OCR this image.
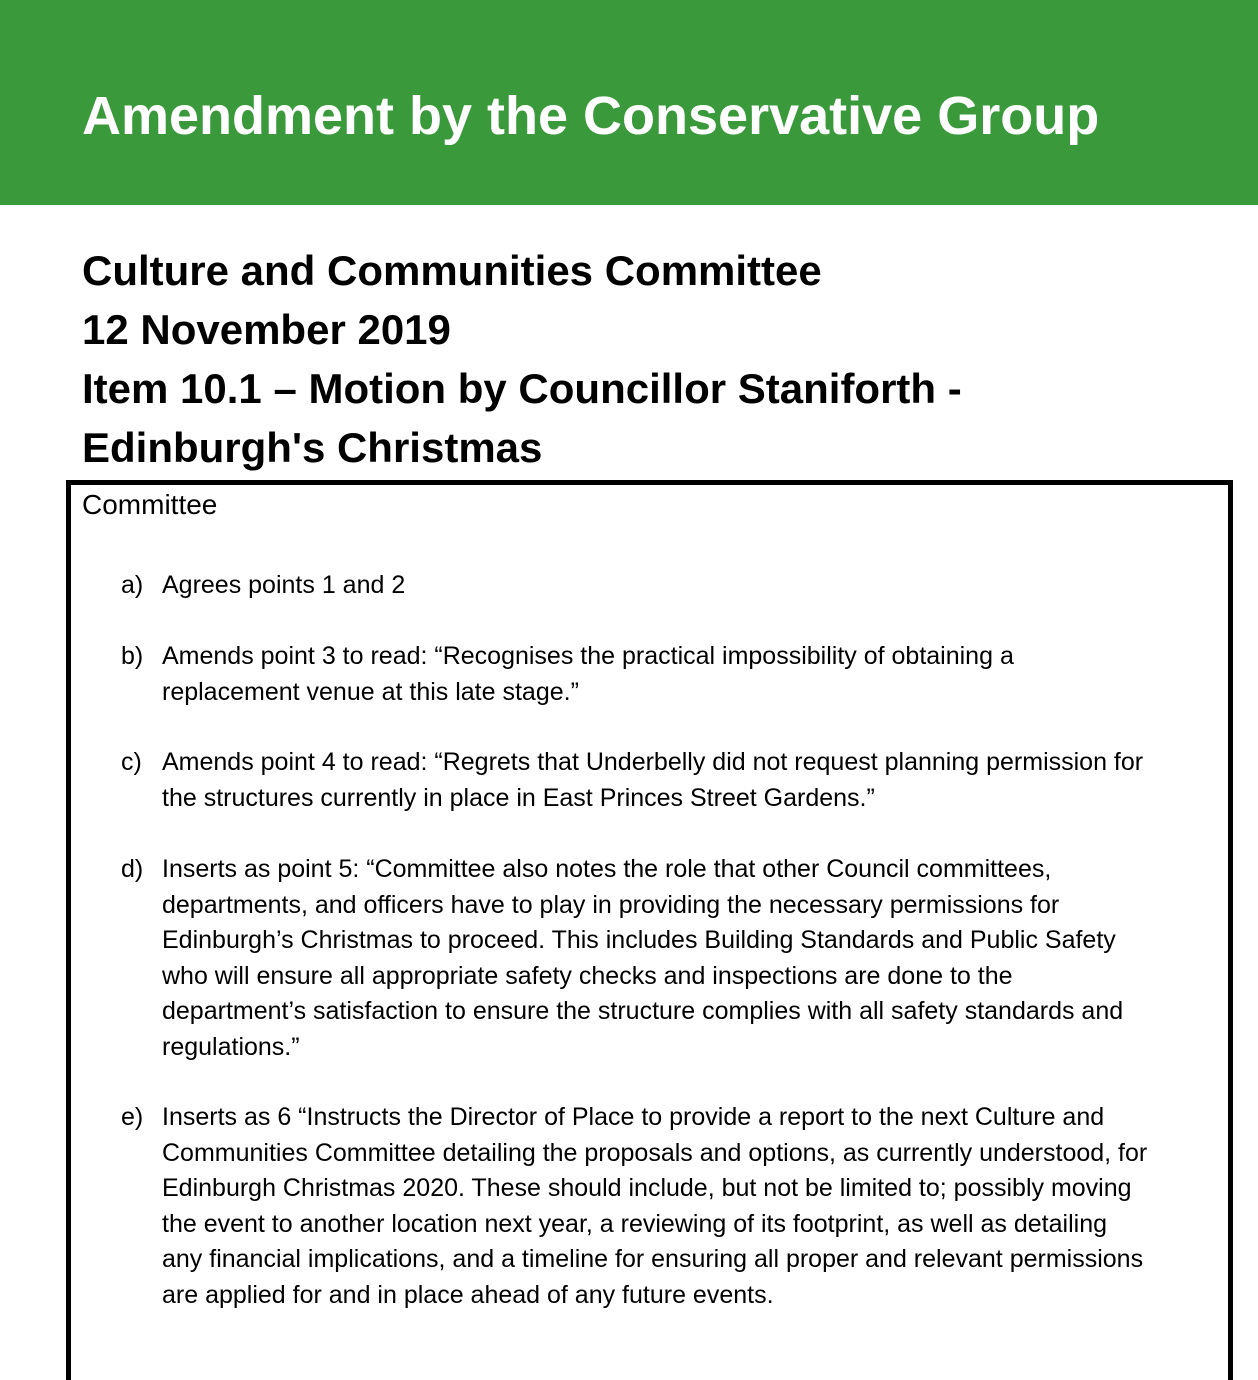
Amendment by the Conservative Group

Culture and Communities Committee

12 November 2019

Item 10.1 – Motion by Councillor Staniforth -

Edinburgh's Christmas

Committee

a) Agrees points 1 and 2
b) Amends point 3 to read: “Recognises the practical impossibility of obtaining a
replacement venue at this late stage.”
c) Amends point 4 to read: “Regrets that Underbelly did not request planning permission for
the structures currently in place in East Princes Street Gardens.”
d) Inserts as point 5: “Committee also notes the role that other Council committees,
departments, and officers have to play in providing the necessary permissions for
Edinburgh’s Christmas to proceed. This includes Building Standards and Public Safety
who will ensure all appropriate safety checks and inspections are done to the
department’s satisfaction to ensure the structure complies with all safety standards and
regulations.”
e) Inserts as 6 “Instructs the Director of Place to provide a report to the next Culture and
Communities Committee detailing the proposals and options, as currently understood, for
Edinburgh Christmas 2020. These should include, but not be limited to; possibly moving
the event to another location next year, a reviewing of its footprint, as well as detailing
any financial implications, and a timeline for ensuring all proper and relevant permissions
are applied for and in place ahead of any future events.
